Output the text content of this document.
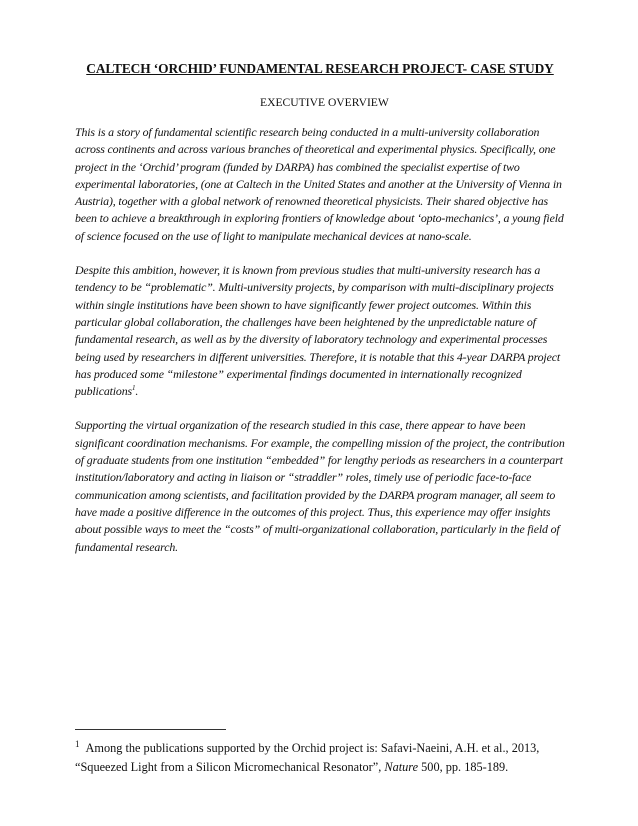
CALTECH ‘ORCHID’ FUNDAMENTAL RESEARCH PROJECT- CASE STUDY
EXECUTIVE OVERVIEW

This is a story of fundamental scientific research being conducted in a multi-university collaboration across continents and across various branches of theoretical and experimental physics. Specifically, one project in the ‘Orchid’ program (funded by DARPA) has combined the specialist expertise of two experimental laboratories, (one at Caltech in the United States and another at the University of Vienna in Austria), together with a global network of renowned theoretical physicists. Their shared objective has been to achieve a breakthrough in exploring frontiers of knowledge about ‘opto-mechanics’, a young field of science focused on the use of light to manipulate mechanical devices at nano-scale.

Despite this ambition, however, it is known from previous studies that multi-university research has a tendency to be “problematic”. Multi-university projects, by comparison with multi-disciplinary projects within single institutions have been shown to have significantly fewer project outcomes. Within this particular global collaboration, the challenges have been heightened by the unpredictable nature of fundamental research, as well as by the diversity of laboratory technology and experimental processes being used by researchers in different universities. Therefore, it is notable that this 4-year DARPA project has produced some “milestone” experimental findings documented in internationally recognized publications$^1$.

Supporting the virtual organization of the research studied in this case, there appear to have been significant coordination mechanisms. For example, the compelling mission of the project, the contribution of graduate students from one institution “embedded” for lengthy periods as researchers in a counterpart institution/laboratory and acting in liaison or “straddler” roles, timely use of periodic face-to-face communication among scientists, and facilitation provided by the DARPA program manager, all seem to have made a positive difference in the outcomes of this project. Thus, this experience may offer insights about possible ways to meet the “costs” of multi-organizational collaboration, particularly in the field of fundamental research.

$^1$ Among the publications supported by the Orchid project is: Safavi-Naeini, A.H. et al., 2013, “Squeezed Light from a Silicon Micromechanical Resonator”, Nature 500, pp. 185-189.
